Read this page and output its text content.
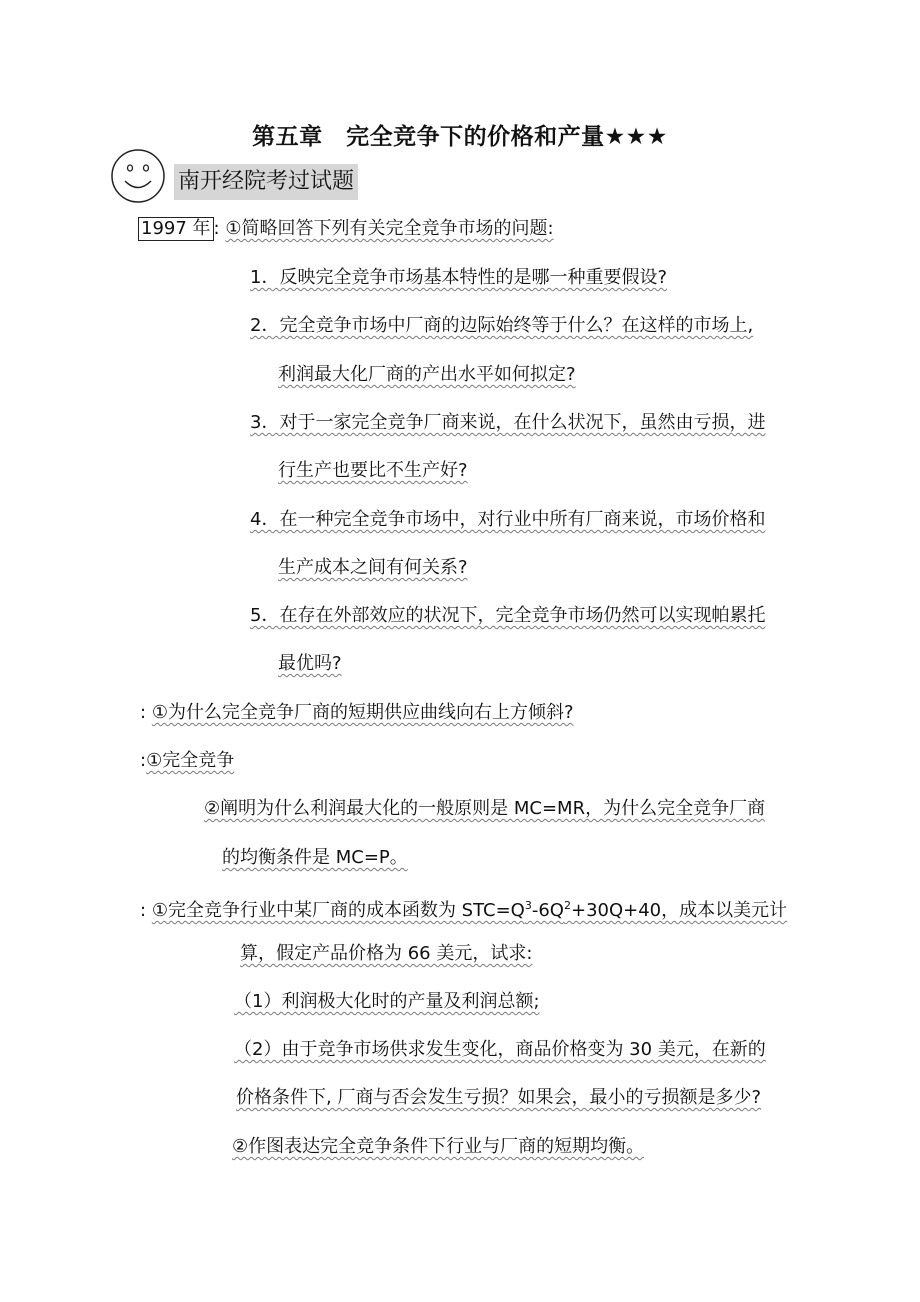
第五章　完全竞争下的价格和产量★★★
南开经院考过试题
1997 年 : ①简略回答下列有关完全竞争市场的问题:
1．反映完全竞争市场基本特性的是哪一种重要假设?
2．完全竞争市场中厂商的边际始终等于什么？在这样的市场上,
利润最大化厂商的产出水平如何拟定?
3．对于一家完全竞争厂商来说，在什么状况下，虽然由亏损，进
行生产也要比不生产好?
4．在一种完全竞争市场中，对行业中所有厂商来说，市场价格和
生产成本之间有何关系?
5．在存在外部效应的状况下，完全竞争市场仍然可以实现帕累托
最优吗?
: ①为什么完全竞争厂商的短期供应曲线向右上方倾斜?
:①完全竞争
②阐明为什么利润最大化的一般原则是 MC=MR，为什么完全竞争厂商
的均衡条件是 MC=P。
: ①完全竞争行业中某厂商的成本函数为 $STC=Q^3-6Q^2+30Q+40$，成本以美元计
算，假定产品价格为 66 美元，试求:
（1）利润极大化时的产量及利润总额;
（2）由于竞争市场供求发生变化，商品价格变为 30 美元，在新的
价格条件下, 厂商与否会发生亏损？如果会，最小的亏损额是多少?
②作图表达完全竞争条件下行业与厂商的短期均衡。
